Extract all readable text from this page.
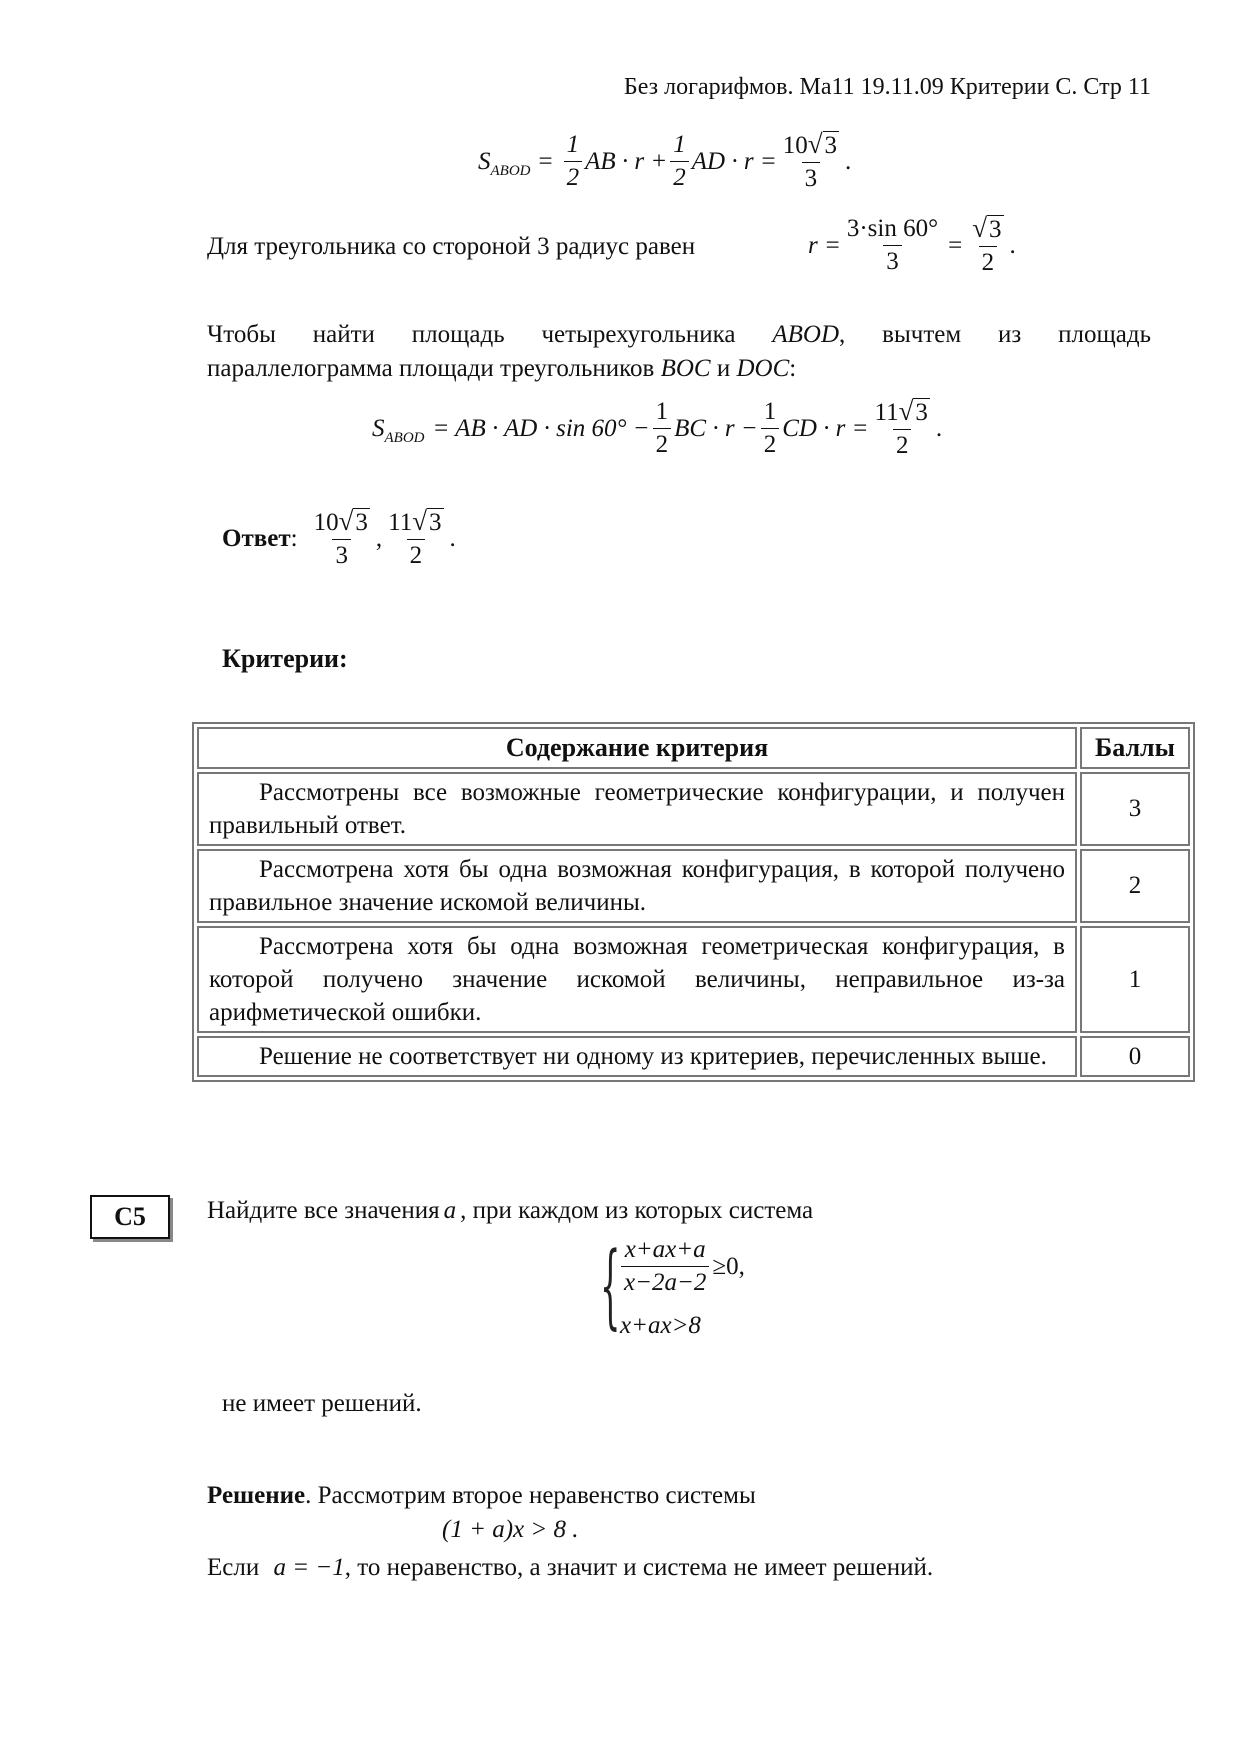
Без логарифмов. Ма11 19.11.09 Критерии С. Стр 11
S ABOD = $\frac{1}{2}$ AB · $r + \frac{1}{2}$ AD · $r = \frac{10 √ 3}{3}$ .
Для треугольника со стороной 3 радиус равен	$r = \frac{3\cdot\sin 60^\circ}{3} = \frac{√ 3}{2}$ .
Чтобы найти площадь четырехугольника ABOD, вычтем из площадь
параллелограмма площади треугольников BOC и DOC:
S ABOD = AB · AD · $\sin 60^\circ - \frac{1}{2}$ BC · $r - \frac{1}{2}$ CD · $r = \frac{11 √ 3}{2}$ .
Ответ : $\frac{10 √ 3}{3}$ , $\frac{11 √ 3}{2}$ .
Критерии:
Содержание критерия	Баллы

Рассмотрены все возможные геометрические конфигурации, и получен правильный ответ.	3

Рассмотрена хотя бы одна возможная конфигурация, в которой получено правильное значение искомой величины.	2

Рассмотрена хотя бы одна возможная геометрическая конфигурация, в которой получено значение искомой величины, неправильное из-за арифметической ошибки.	1

Решение не соответствует ни одному из критериев, перечисленных выше.	0
C5	Найдите все значения a , при каждом из которых система
{ $\frac{x+ax+a}{x-2a-2} \ge 0$,
x+ax>8
не имеет решений.
Решение. Рассмотрим второе неравенство системы
(1 + a)x > 8 .
Если a = −1, то неравенство, а значит и система не имеет решений.
